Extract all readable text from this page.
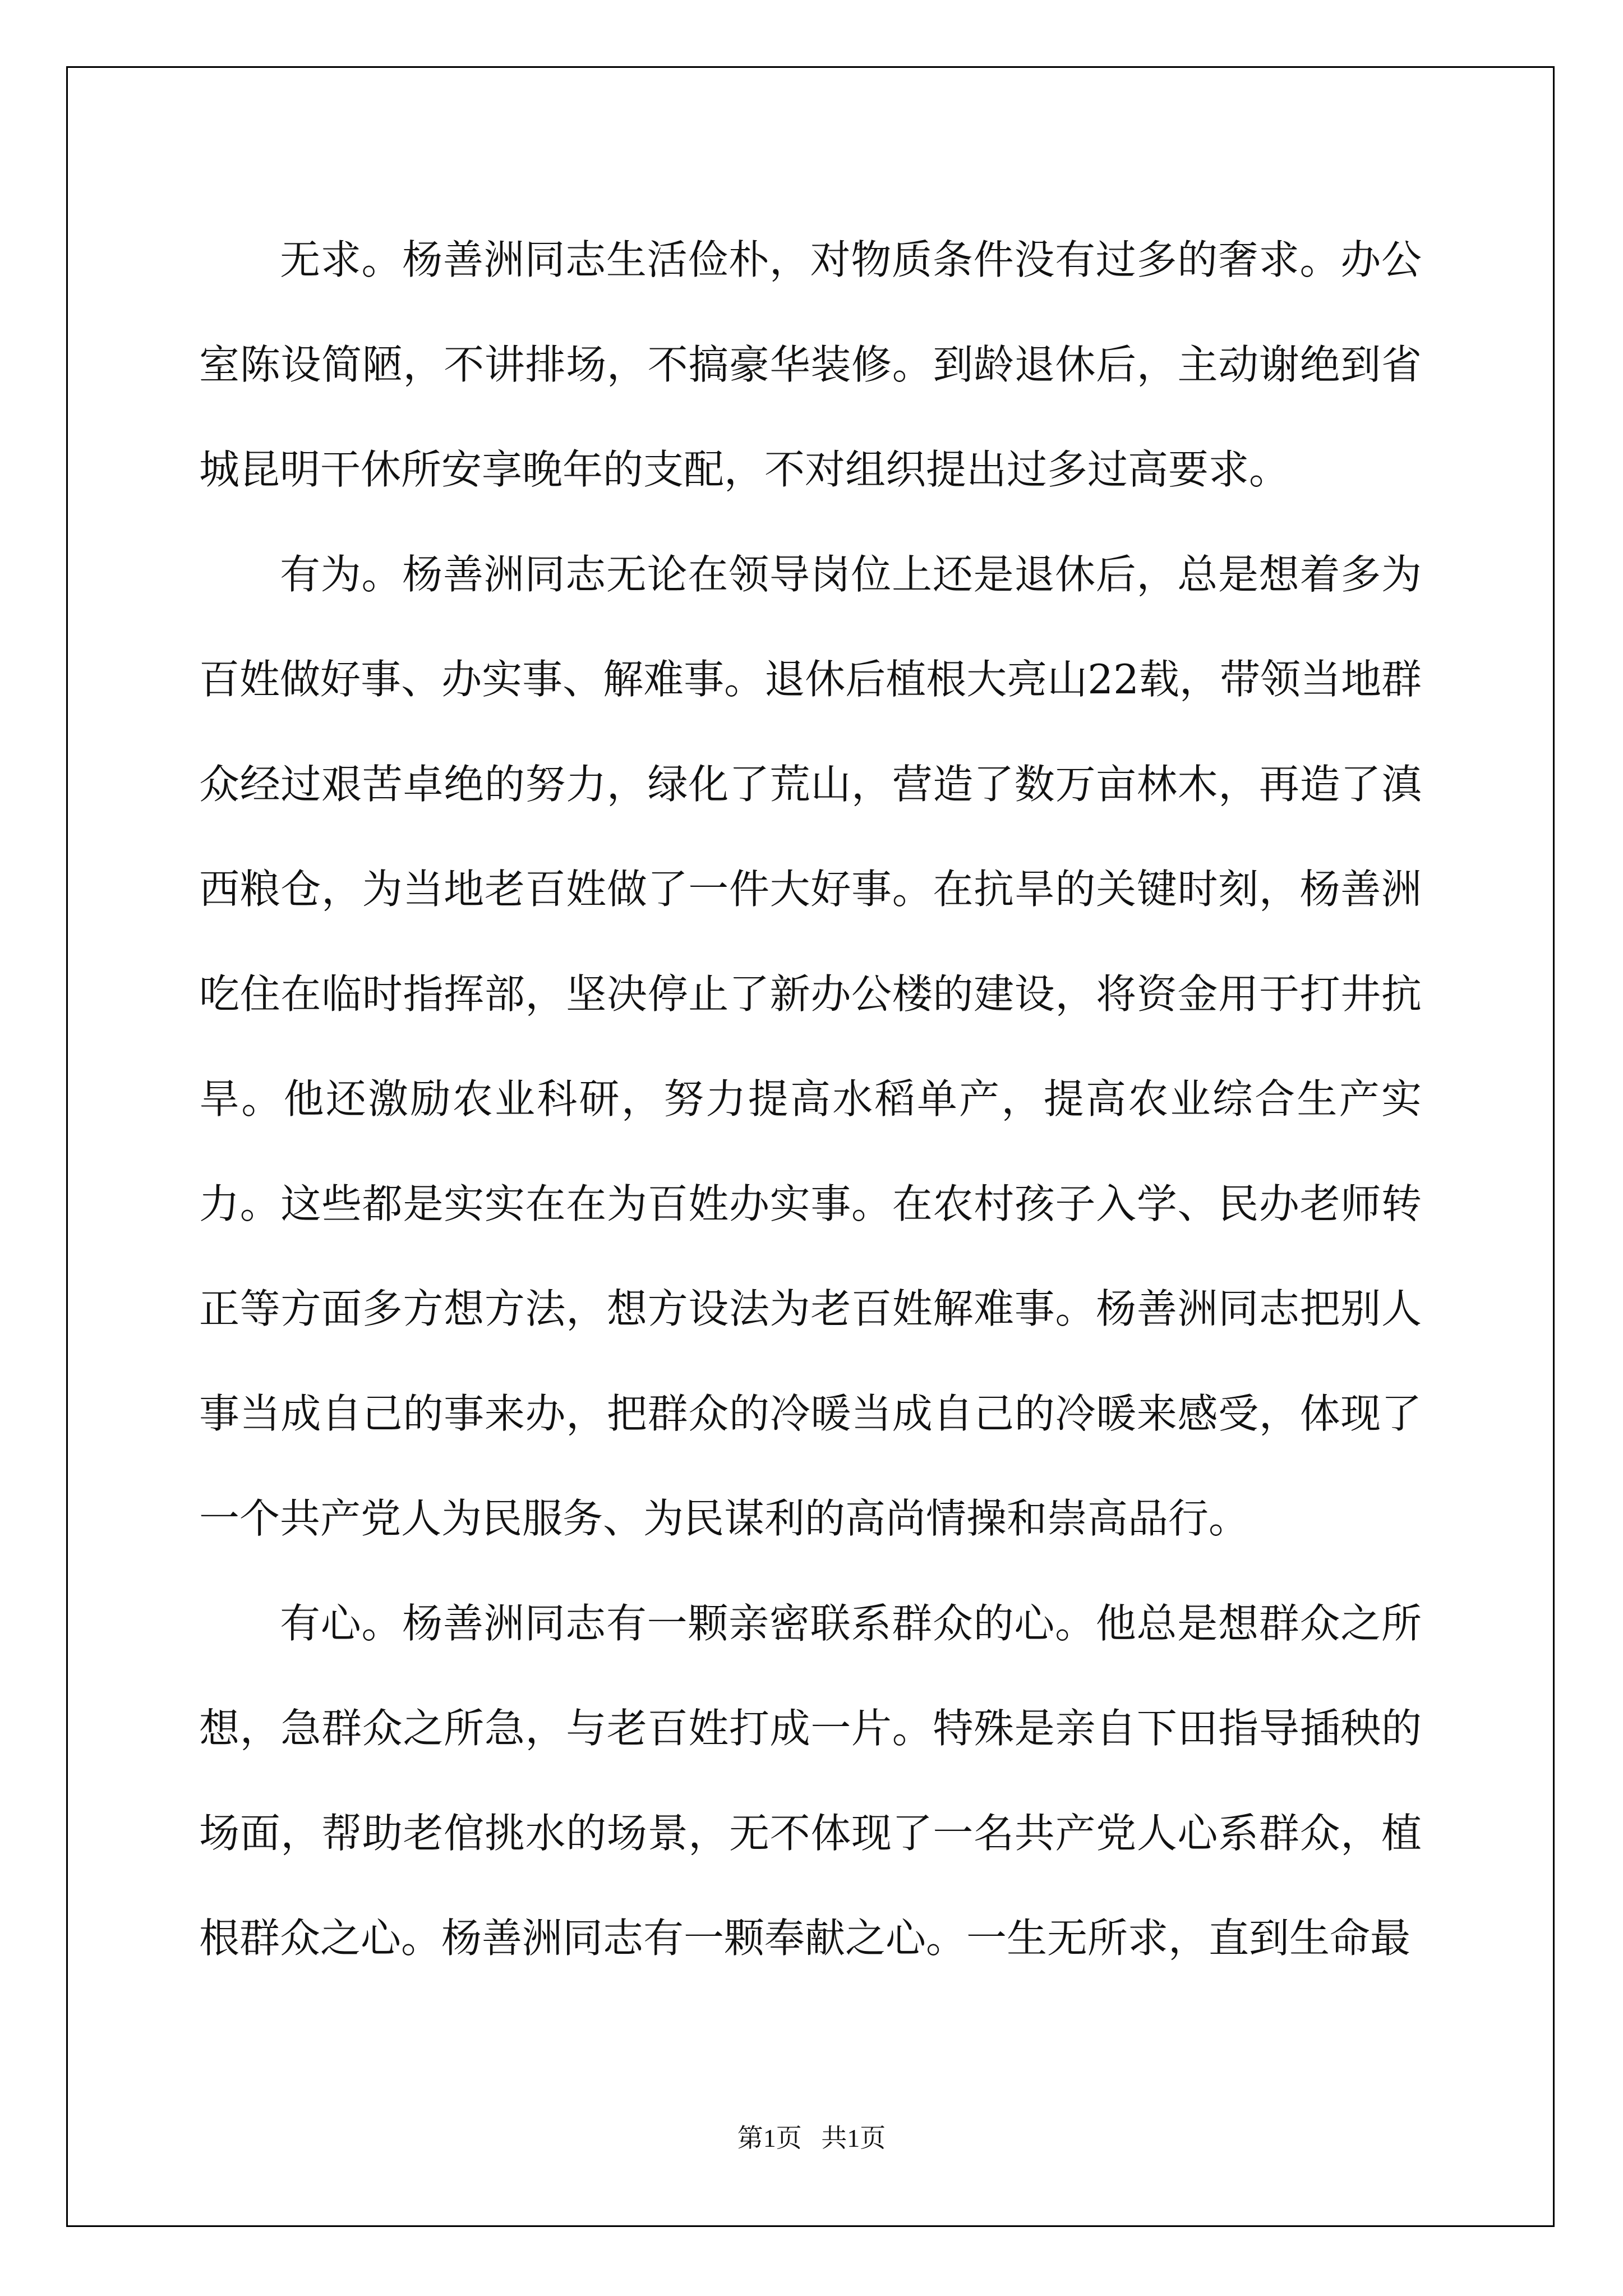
无求。杨善洲同志生活俭朴，对物质条件没有过多的奢求。办公室陈设简陋，不讲排场，不搞豪华装修。到龄退休后，主动谢绝到省城昆明干休所安享晚年的支配，不对组织提出过多过高要求。

有为。杨善洲同志无论在领导岗位上还是退休后，总是想着多为百姓做好事、办实事、解难事。退休后植根大亮山22载，带领当地群众经过艰苦卓绝的努力，绿化了荒山，营造了数万亩林木，再造了滇西粮仓，为当地老百姓做了一件大好事。在抗旱的关键时刻，杨善洲吃住在临时指挥部，坚决停止了新办公楼的建设，将资金用于打井抗旱。他还激励农业科研，努力提高水稻单产，提高农业综合生产实力。这些都是实实在在为百姓办实事。在农村孩子入学、民办老师转正等方面多方想方法，想方设法为老百姓解难事。杨善洲同志把别人事当成自己的事来办，把群众的冷暖当成自己的冷暖来感受，体现了一个共产党人为民服务、为民谋利的高尚情操和崇高品行。

有心。杨善洲同志有一颗亲密联系群众的心。他总是想群众之所想，急群众之所急，与老百姓打成一片。特殊是亲自下田指导插秧的场面，帮助老倌挑水的场景，无不体现了一名共产党人心系群众，植根群众之心。杨善洲同志有一颗奉献之心。一生无所求，直到生命最

第1页   共1页
